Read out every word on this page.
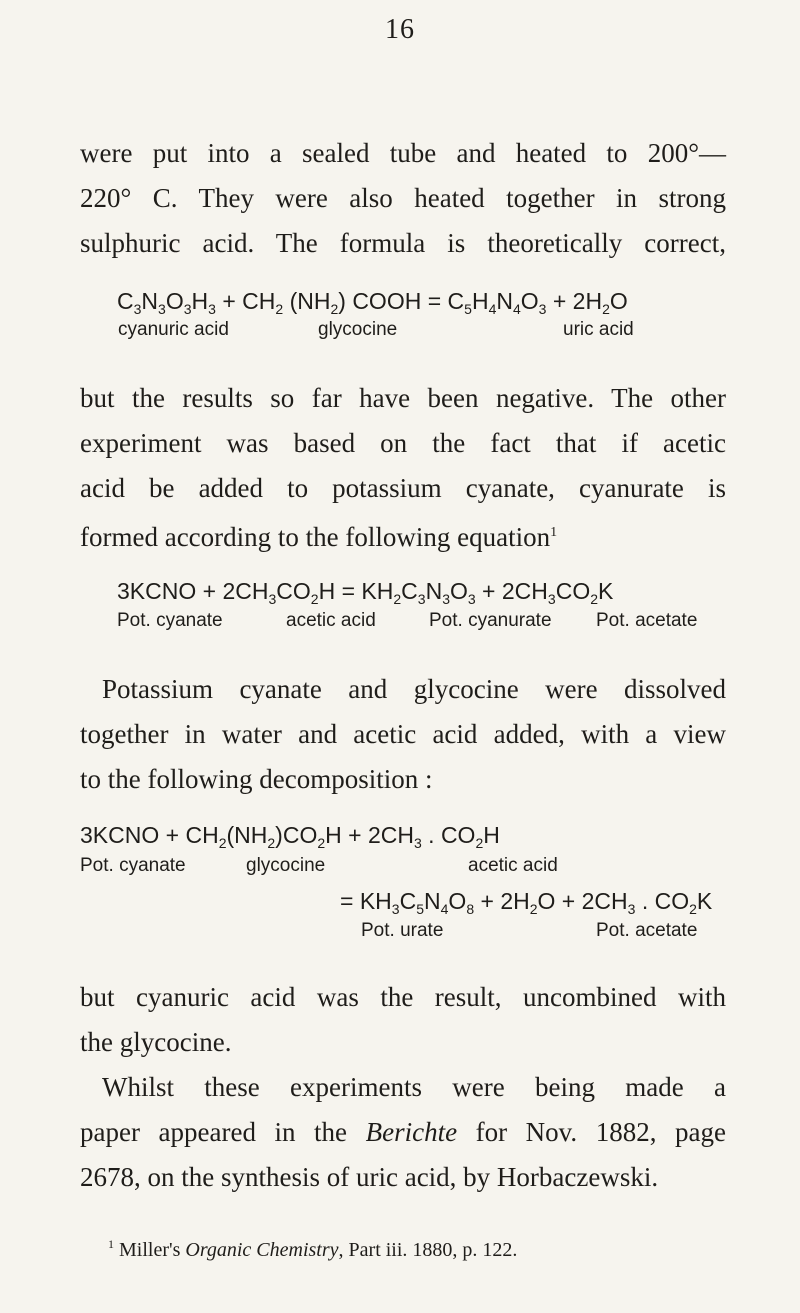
16

were put into a sealed tube and heated to 200°—

220° C. They were also heated together in strong

sulphuric acid. The formula is theoretically correct,

$C_3N_3O_3H_3 + CH_2$ $(NH_2)$ COOH = $C_5H_4N_4O_3 + 2H_2O$
cyanuric acid	glycocine	uric acid

but the results so far have been negative. The other

experiment was based on the fact that if acetic

acid be added to potassium cyanate, cyanurate is

formed according to the following equation$^1$

3KCNO + $2CH_3CO_2H = KH_2C_3N_3O_3 + 2CH_3CO_2K$
Pot. cyanate	acetic acid	Pot. cyanurate Pot. acetate

Potassium cyanate and glycocine were dissolved

together in water and acetic acid added, with a view

to the following decomposition :

3KCNO + $CH_2(NH_2)CO_2H + 2CH_3$ . $CO_2H$
Pot. cyanate	glycocine	acetic acid
= $KH_3C_5N_4O_8 + 2H_2O + 2CH_3$ . $CO_2K$
Pot. urate	Pot. acetate

but cyanuric acid was the result, uncombined with

the glycocine.

Whilst these experiments were being made a

paper appeared in the Berichte for Nov. 1882, page

2678, on the synthesis of uric acid, by Horbaczewski.

$^1$ Miller's Organic Chemistry, Part iii. 1880, p. 122.
